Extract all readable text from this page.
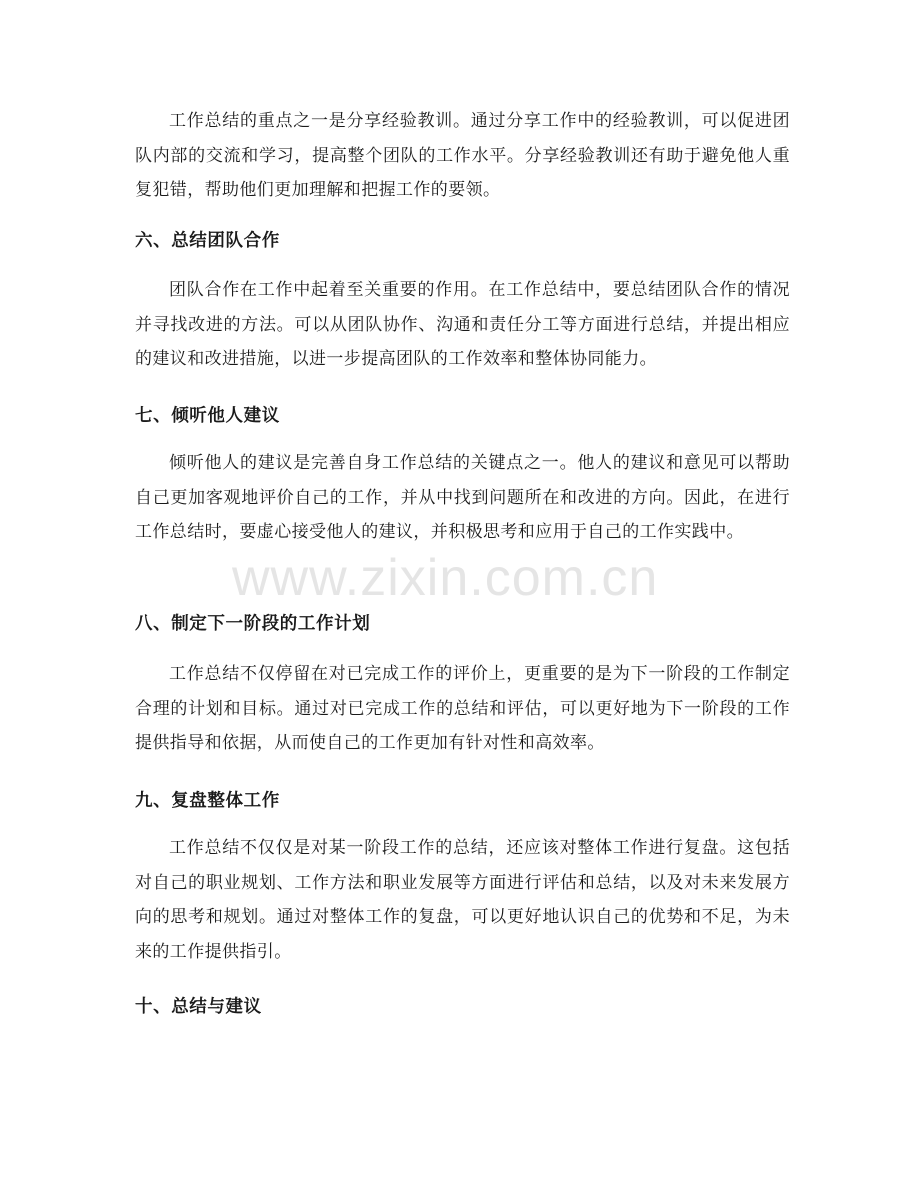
工作总结的重点之一是分享经验教训。通过分享工作中的经验教训，可以促进团队内部的交流和学习，提高整个团队的工作水平。分享经验教训还有助于避免他人重复犯错，帮助他们更加理解和把握工作的要领。

六、总结团队合作

团队合作在工作中起着至关重要的作用。在工作总结中，要总结团队合作的情况并寻找改进的方法。可以从团队协作、沟通和责任分工等方面进行总结，并提出相应的建议和改进措施，以进一步提高团队的工作效率和整体协同能力。

七、倾听他人建议

倾听他人的建议是完善自身工作总结的关键点之一。他人的建议和意见可以帮助自己更加客观地评价自己的工作，并从中找到问题所在和改进的方向。因此，在进行工作总结时，要虚心接受他人的建议，并积极思考和应用于自己的工作实践中。

八、制定下一阶段的工作计划

工作总结不仅停留在对已完成工作的评价上，更重要的是为下一阶段的工作制定合理的计划和目标。通过对已完成工作的总结和评估，可以更好地为下一阶段的工作提供指导和依据，从而使自己的工作更加有针对性和高效率。

九、复盘整体工作

工作总结不仅仅是对某一阶段工作的总结，还应该对整体工作进行复盘。这包括对自己的职业规划、工作方法和职业发展等方面进行评估和总结，以及对未来发展方向的思考和规划。通过对整体工作的复盘，可以更好地认识自己的优势和不足，为未来的工作提供指引。

十、总结与建议
www.zixin.com.cn
